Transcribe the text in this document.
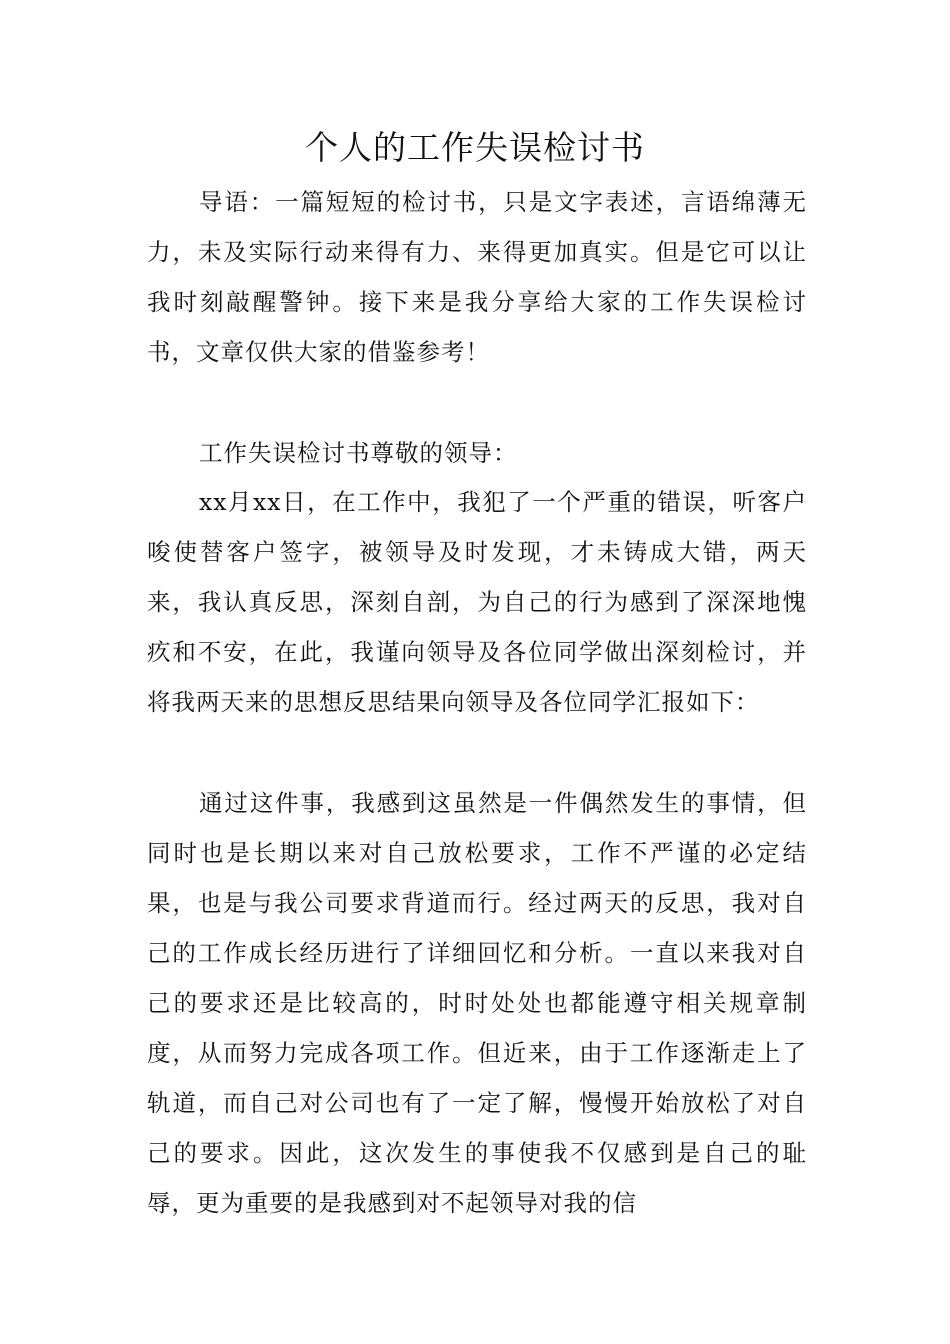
个人的工作失误检讨书

导语：一篇短短的检讨书，只是文字表述，言语绵薄无力，未及实际行动来得有力、来得更加真实。但是它可以让我时刻敲醒警钟。接下来是我分享给大家的工作失误检讨书，文章仅供大家的借鉴参考！

工作失误检讨书尊敬的领导：

xx月xx日，在工作中，我犯了一个严重的错误，听客户唆使替客户签字，被领导及时发现，才未铸成大错，两天来，我认真反思，深刻自剖，为自己的行为感到了深深地愧疚和不安，在此，我谨向领导及各位同学做出深刻检讨，并将我两天来的思想反思结果向领导及各位同学汇报如下：

通过这件事，我感到这虽然是一件偶然发生的事情，但同时也是长期以来对自己放松要求，工作不严谨的必定结果，也是与我公司要求背道而行。经过两天的反思，我对自己的工作成长经历进行了详细回忆和分析。一直以来我对自己的要求还是比较高的，时时处处也都能遵守相关规章制度，从而努力完成各项工作。但近来，由于工作逐渐走上了轨道，而自己对公司也有了一定了解，慢慢开始放松了对自己的要求。因此，这次发生的事使我不仅感到是自己的耻辱，更为重要的是我感到对不起领导对我的信
